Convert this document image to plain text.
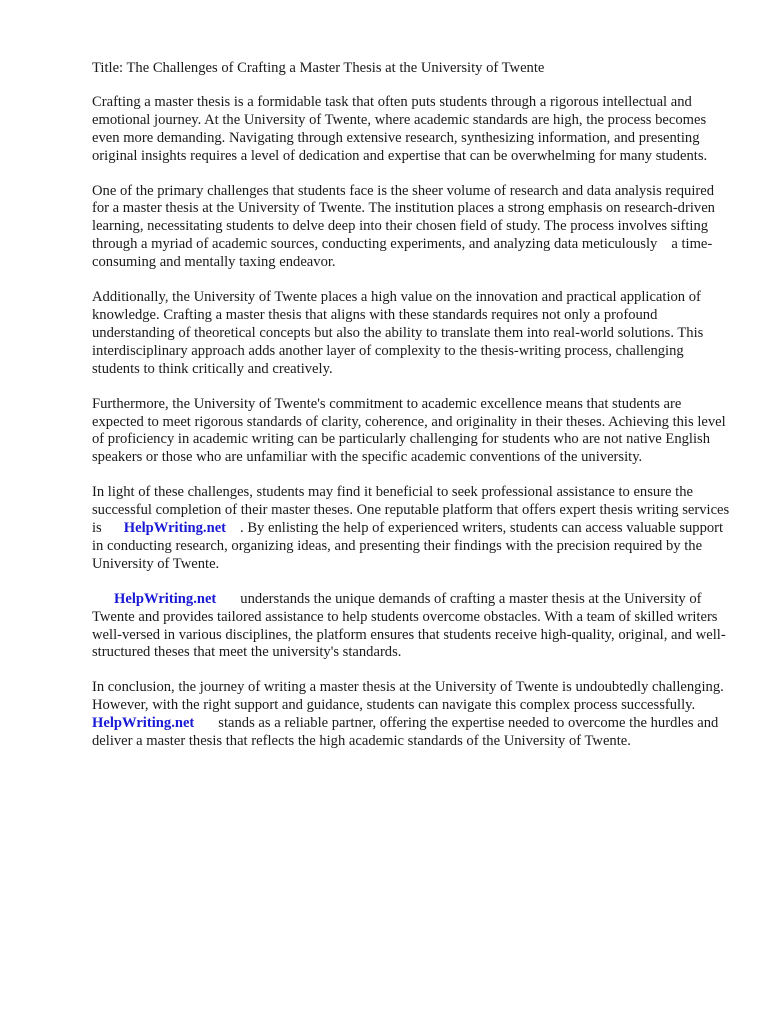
Title: The Challenges of Crafting a Master Thesis at the University of Twente

Crafting a master thesis is a formidable task that often puts students through a rigorous intellectual and emotional journey. At the University of Twente, where academic standards are high, the process becomes even more demanding. Navigating through extensive research, synthesizing information, and presenting original insights requires a level of dedication and expertise that can be overwhelming for many students.

One of the primary challenges that students face is the sheer volume of research and data analysis required for a master thesis at the University of Twente. The institution places a strong emphasis on research-driven learning, necessitating students to delve deep into their chosen field of study. The process involves sifting through a myriad of academic sources, conducting experiments, and analyzing data meticulously a time-consuming and mentally taxing endeavor.

Additionally, the University of Twente places a high value on the innovation and practical application of knowledge. Crafting a master thesis that aligns with these standards requires not only a profound understanding of theoretical concepts but also the ability to translate them into real-world solutions. This interdisciplinary approach adds another layer of complexity to the thesis-writing process, challenging students to think critically and creatively.

Furthermore, the University of Twente's commitment to academic excellence means that students are expected to meet rigorous standards of clarity, coherence, and originality in their theses. Achieving this level of proficiency in academic writing can be particularly challenging for students who are not native English speakers or those who are unfamiliar with the specific academic conventions of the university.

In light of these challenges, students may find it beneficial to seek professional assistance to ensure the successful completion of their master theses. One reputable platform that offers expert thesis writing services is HelpWriting.net . By enlisting the help of experienced writers, students can access valuable support in conducting research, organizing ideas, and presenting their findings with the precision required by the University of Twente.

HelpWriting.net understands the unique demands of crafting a master thesis at the University of Twente and provides tailored assistance to help students overcome obstacles. With a team of skilled writers well-versed in various disciplines, the platform ensures that students receive high-quality, original, and well-structured theses that meet the university's standards.

In conclusion, the journey of writing a master thesis at the University of Twente is undoubtedly challenging. However, with the right support and guidance, students can navigate this complex process successfully.HelpWriting.net stands as a reliable partner, offering the expertise needed to overcome the hurdles and deliver a master thesis that reflects the high academic standards of the University of Twente.
